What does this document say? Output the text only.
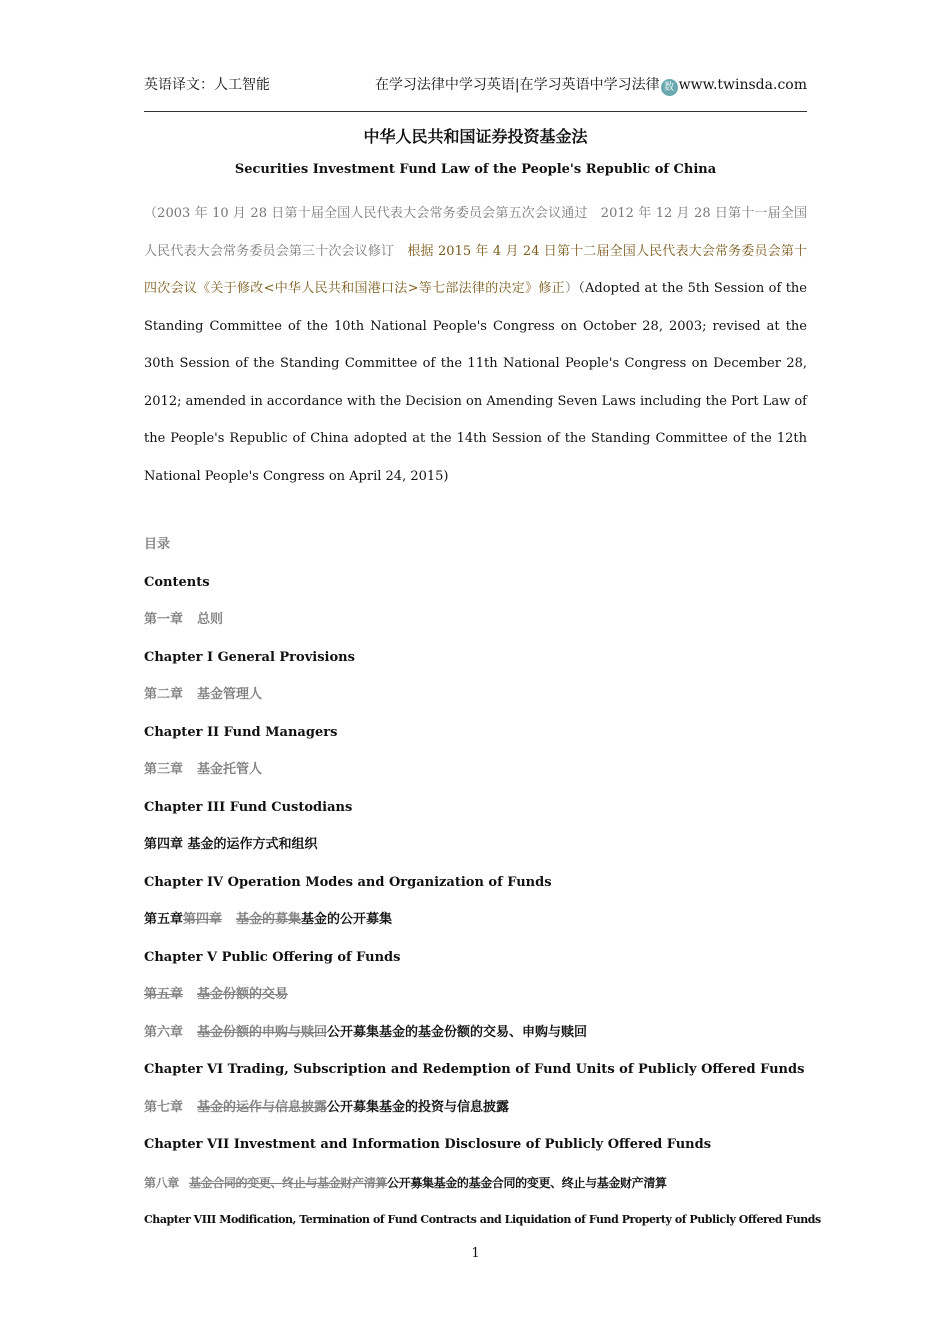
英语译文：人工智能	在学习法律中学习英语|在学习英语中学习法律 数 www.twinsda.com
中华人民共和国证券投资基金法
Securities Investment Fund Law of the People's Republic of China
（2003 年 10 月 28 日第十届全国人民代表大会常务委员会第五次会议通过　2012 年 12 月 28 日第十一届全国人民代表大会常务委员会第三十次会议修订　根据 2015 年 4 月 24 日第十二届全国人民代表大会常务委员会第十四次会议《关于修改<中华人民共和国港口法>等七部法律的决定》修正）（Adopted at the 5th Session of the Standing Committee of the 10th National People's Congress on October 28, 2003; revised at the 30th Session of the Standing Committee of the 11th National People's Congress on December 28, 2012; amended in accordance with the Decision on Amending Seven Laws including the Port Law of the People's Republic of China adopted at the 14th Session of the Standing Committee of the 12th National People's Congress on April 24, 2015)
目录
Contents
第一章 总则
Chapter I General Provisions
第二章 基金管理人
Chapter II Fund Managers
第三章 基金托管人
Chapter III Fund Custodians
第四章 基金的运作方式和组织
Chapter IV Operation Modes and Organization of Funds
第五章第四章 基金的募集基金的公开募集
Chapter V Public Offering of Funds
第五章 基金份额的交易
第六章 基金份额的申购与赎回公开募集基金的基金份额的交易、申购与赎回
Chapter VI Trading, Subscription and Redemption of Fund Units of Publicly Offered Funds
第七章 基金的运作与信息披露公开募集基金的投资与信息披露
Chapter VII Investment and Information Disclosure of Publicly Offered Funds
第八章 基金合同的变更、终止与基金财产清算公开募集基金的基金合同的变更、终止与基金财产清算
Chapter VIII Modification, Termination of Fund Contracts and Liquidation of Fund Property of Publicly Offered Funds
1
